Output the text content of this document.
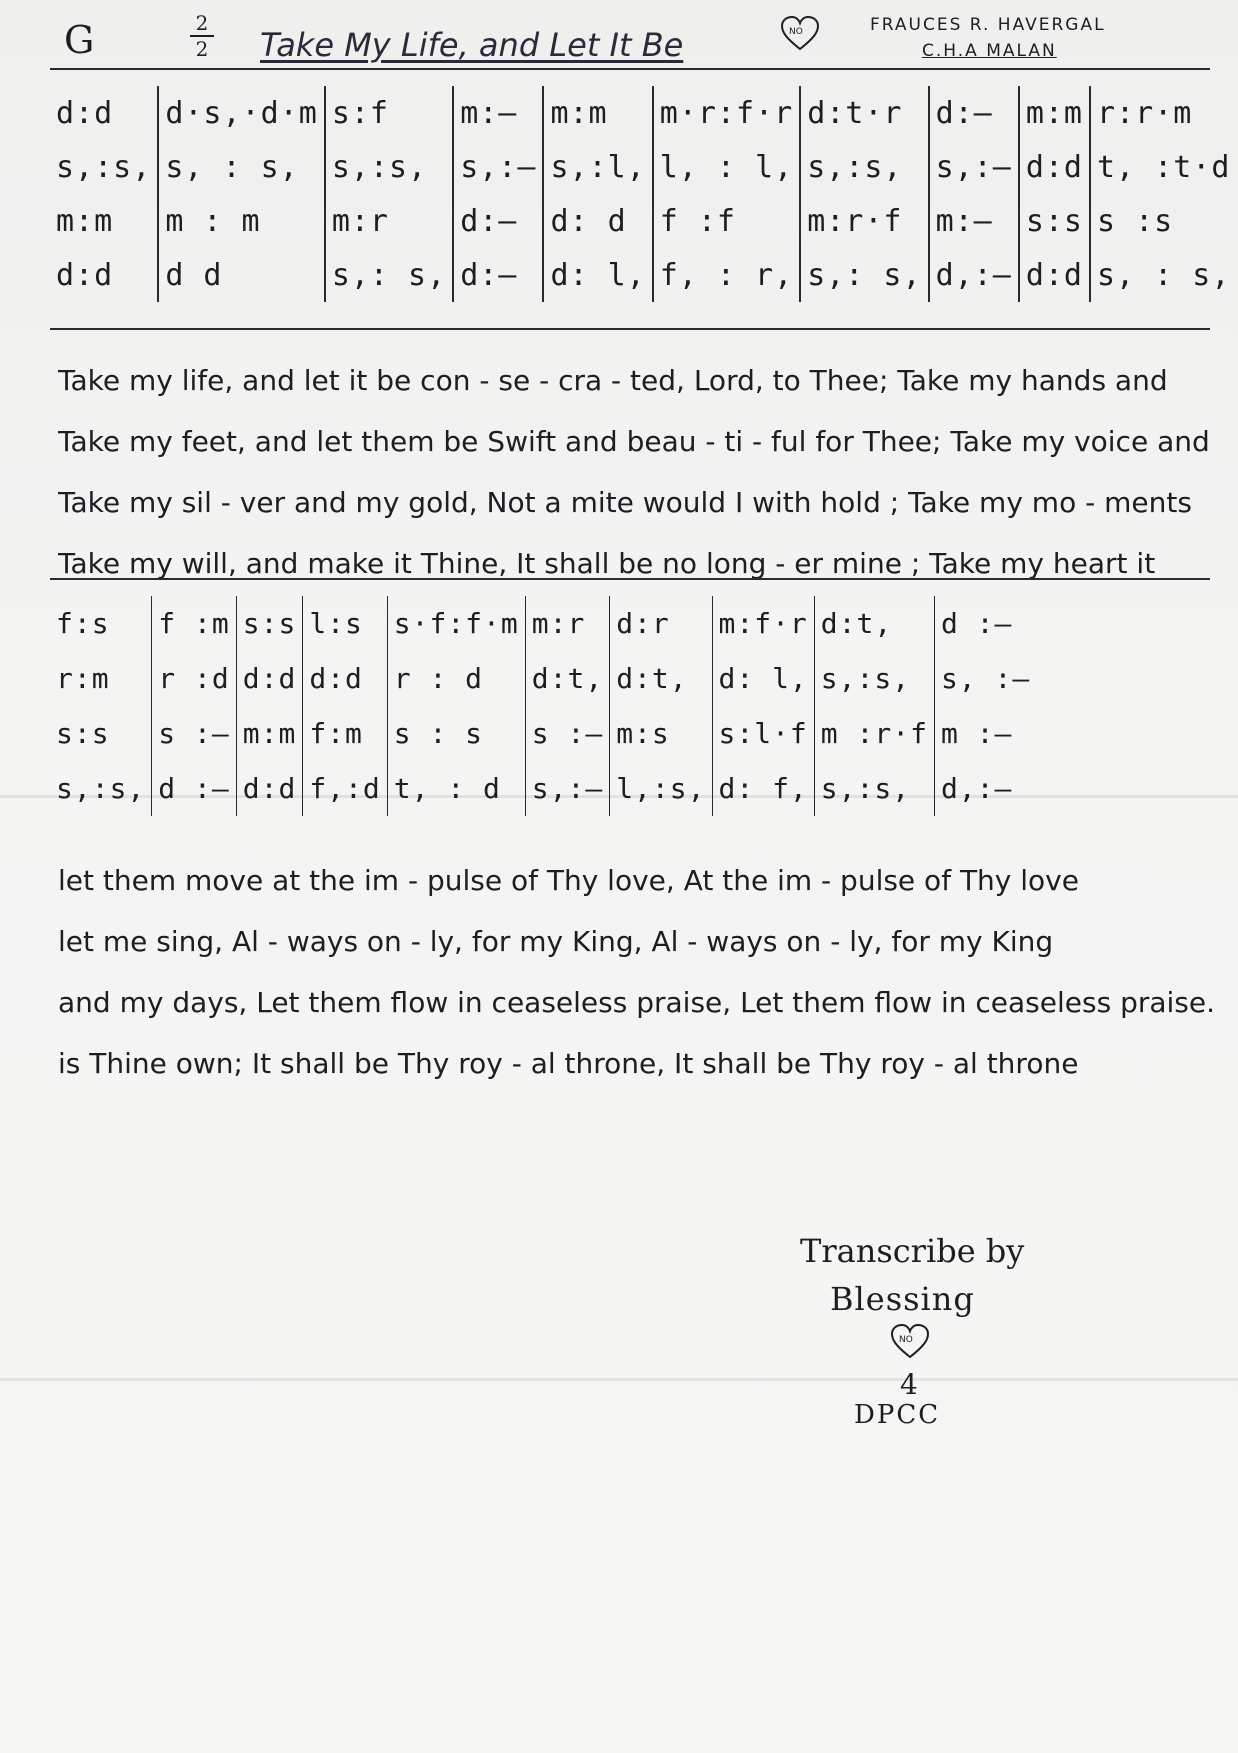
G	2
2 Take My Life, and Let It Be	NO	FRAUCES R. HAVERGAL
C.H.A MALAN
d:d	d·s,·d·m	s:f	m:–	m:m	m·r:f·r	d:t·r	d:–	m:m	r:r·m
s,:s,	s, : s,	s,:s,	s,:–	s,:l,	l, : l,	s,:s,	s,:–	d:d	t, :t·d
m:m	m : m	m:r	d:–	d: d	f :f	m:r·f	m:–	s:s	s :s
d:d	d d	s,: s,	d:–	d: l,	f, : r,	s,: s,	d,:–	d:d	s, : s,
Take my life, and let it be con - se - cra - ted, Lord, to Thee; Take my hands and
Take my feet, and let them be Swift and beau - ti - ful for Thee; Take my voice and
Take my sil - ver and my gold, Not a mite would I with hold ; Take my mo - ments
Take my will, and make it Thine, It shall be no long - er mine ; Take my heart it
f:s	f :m	s:s	l:s	s·f:f·m	m:r	d:r	m:f·r	d:t,	d :–
r:m	r :d	d:d	d:d	r : d	d:t,	d:t,	d: l,	s,:s,	s, :–
s:s	s :–	m:m	f:m	s : s	s :–	m:s	s:l·f	m :r·f	m :–
s,:s,	d :–	d:d	f,:d	t, : d	s,:–	l,:s,	d: f,	s,:s,	d,:–
let them move at the im - pulse of Thy love, At the im - pulse of Thy love
let me sing, Al - ways on - ly, for my King, Al - ways on - ly, for my King
and my days, Let them flow in ceaseless praise, Let them flow in ceaseless praise.
is Thine own; It shall be Thy roy - al throne, It shall be Thy roy - al throne
Transcribe by
Blessing
NO
4
DPCC
